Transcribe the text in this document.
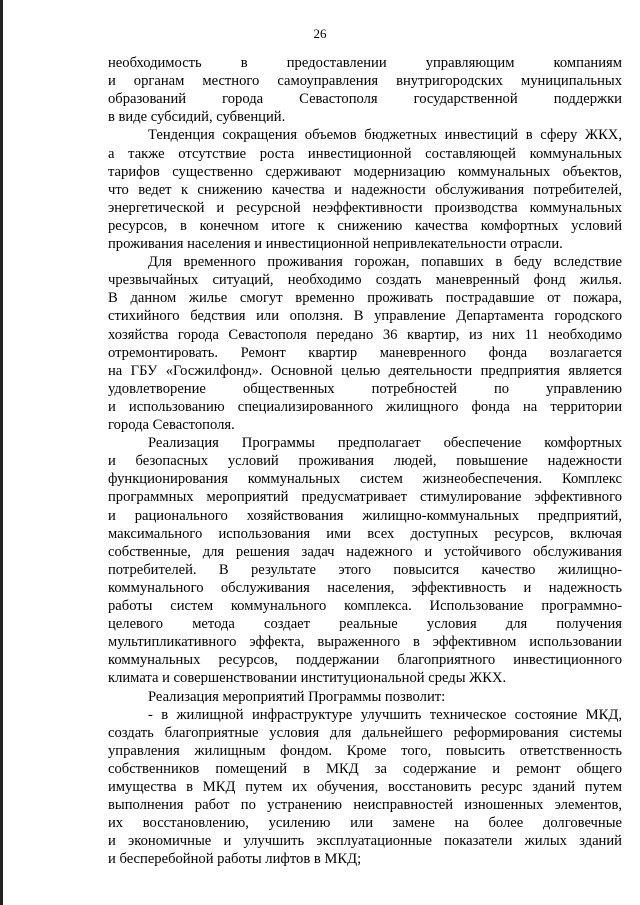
26
необходимость в предоставлении управляющим компаниям
и органам местного самоуправления внутригородских муниципальных
образований города Севастополя государственной поддержки
в виде субсидий, субвенций.
Тенденция сокращения объемов бюджетных инвестиций в сферу ЖКХ,
а также отсутствие роста инвестиционной составляющей коммунальных
тарифов существенно сдерживают модернизацию коммунальных объектов,
что ведет к снижению качества и надежности обслуживания потребителей,
энергетической и ресурсной неэффективности производства коммунальных
ресурсов, в конечном итоге к снижению качества комфортных условий
проживания населения и инвестиционной непривлекательности отрасли.
Для временного проживания горожан, попавших в беду вследствие
чрезвычайных ситуаций, необходимо создать маневренный фонд жилья.
В данном жилье смогут временно проживать пострадавшие от пожара,
стихийного бедствия или оползня. В управление Департамента городского
хозяйства города Севастополя передано 36 квартир, из них 11 необходимо
отремонтировать. Ремонт квартир маневренного фонда возлагается
на ГБУ «Госжилфонд». Основной целью деятельности предприятия является
удовлетворение общественных потребностей по управлению
и использованию специализированного жилищного фонда на территории
города Севастополя.
Реализация Программы предполагает обеспечение комфортных
и безопасных условий проживания людей, повышение надежности
функционирования коммунальных систем жизнеобеспечения. Комплекс
программных мероприятий предусматривает стимулирование эффективного
и рационального хозяйствования жилищно-коммунальных предприятий,
максимального использования ими всех доступных ресурсов, включая
собственные, для решения задач надежного и устойчивого обслуживания
потребителей. В результате этого повысится качество жилищно-
коммунального обслуживания населения, эффективность и надежность
работы систем коммунального комплекса. Использование программно-
целевого метода создает реальные условия для получения
мультипликативного эффекта, выраженного в эффективном использовании
коммунальных ресурсов, поддержании благоприятного инвестиционного
климата и совершенствовании институциональной среды ЖКХ.
Реализация мероприятий Программы позволит:
- в жилищной инфраструктуре улучшить техническое состояние МКД,
создать благоприятные условия для дальнейшего реформирования системы
управления жилищным фондом. Кроме того, повысить ответственность
собственников помещений в МКД за содержание и ремонт общего
имущества в МКД путем их обучения, восстановить ресурс зданий путем
выполнения работ по устранению неисправностей изношенных элементов,
их восстановлению, усилению или замене на более долговечные
и экономичные и улучшить эксплуатационные показатели жилых зданий
и бесперебойной работы лифтов в МКД;
